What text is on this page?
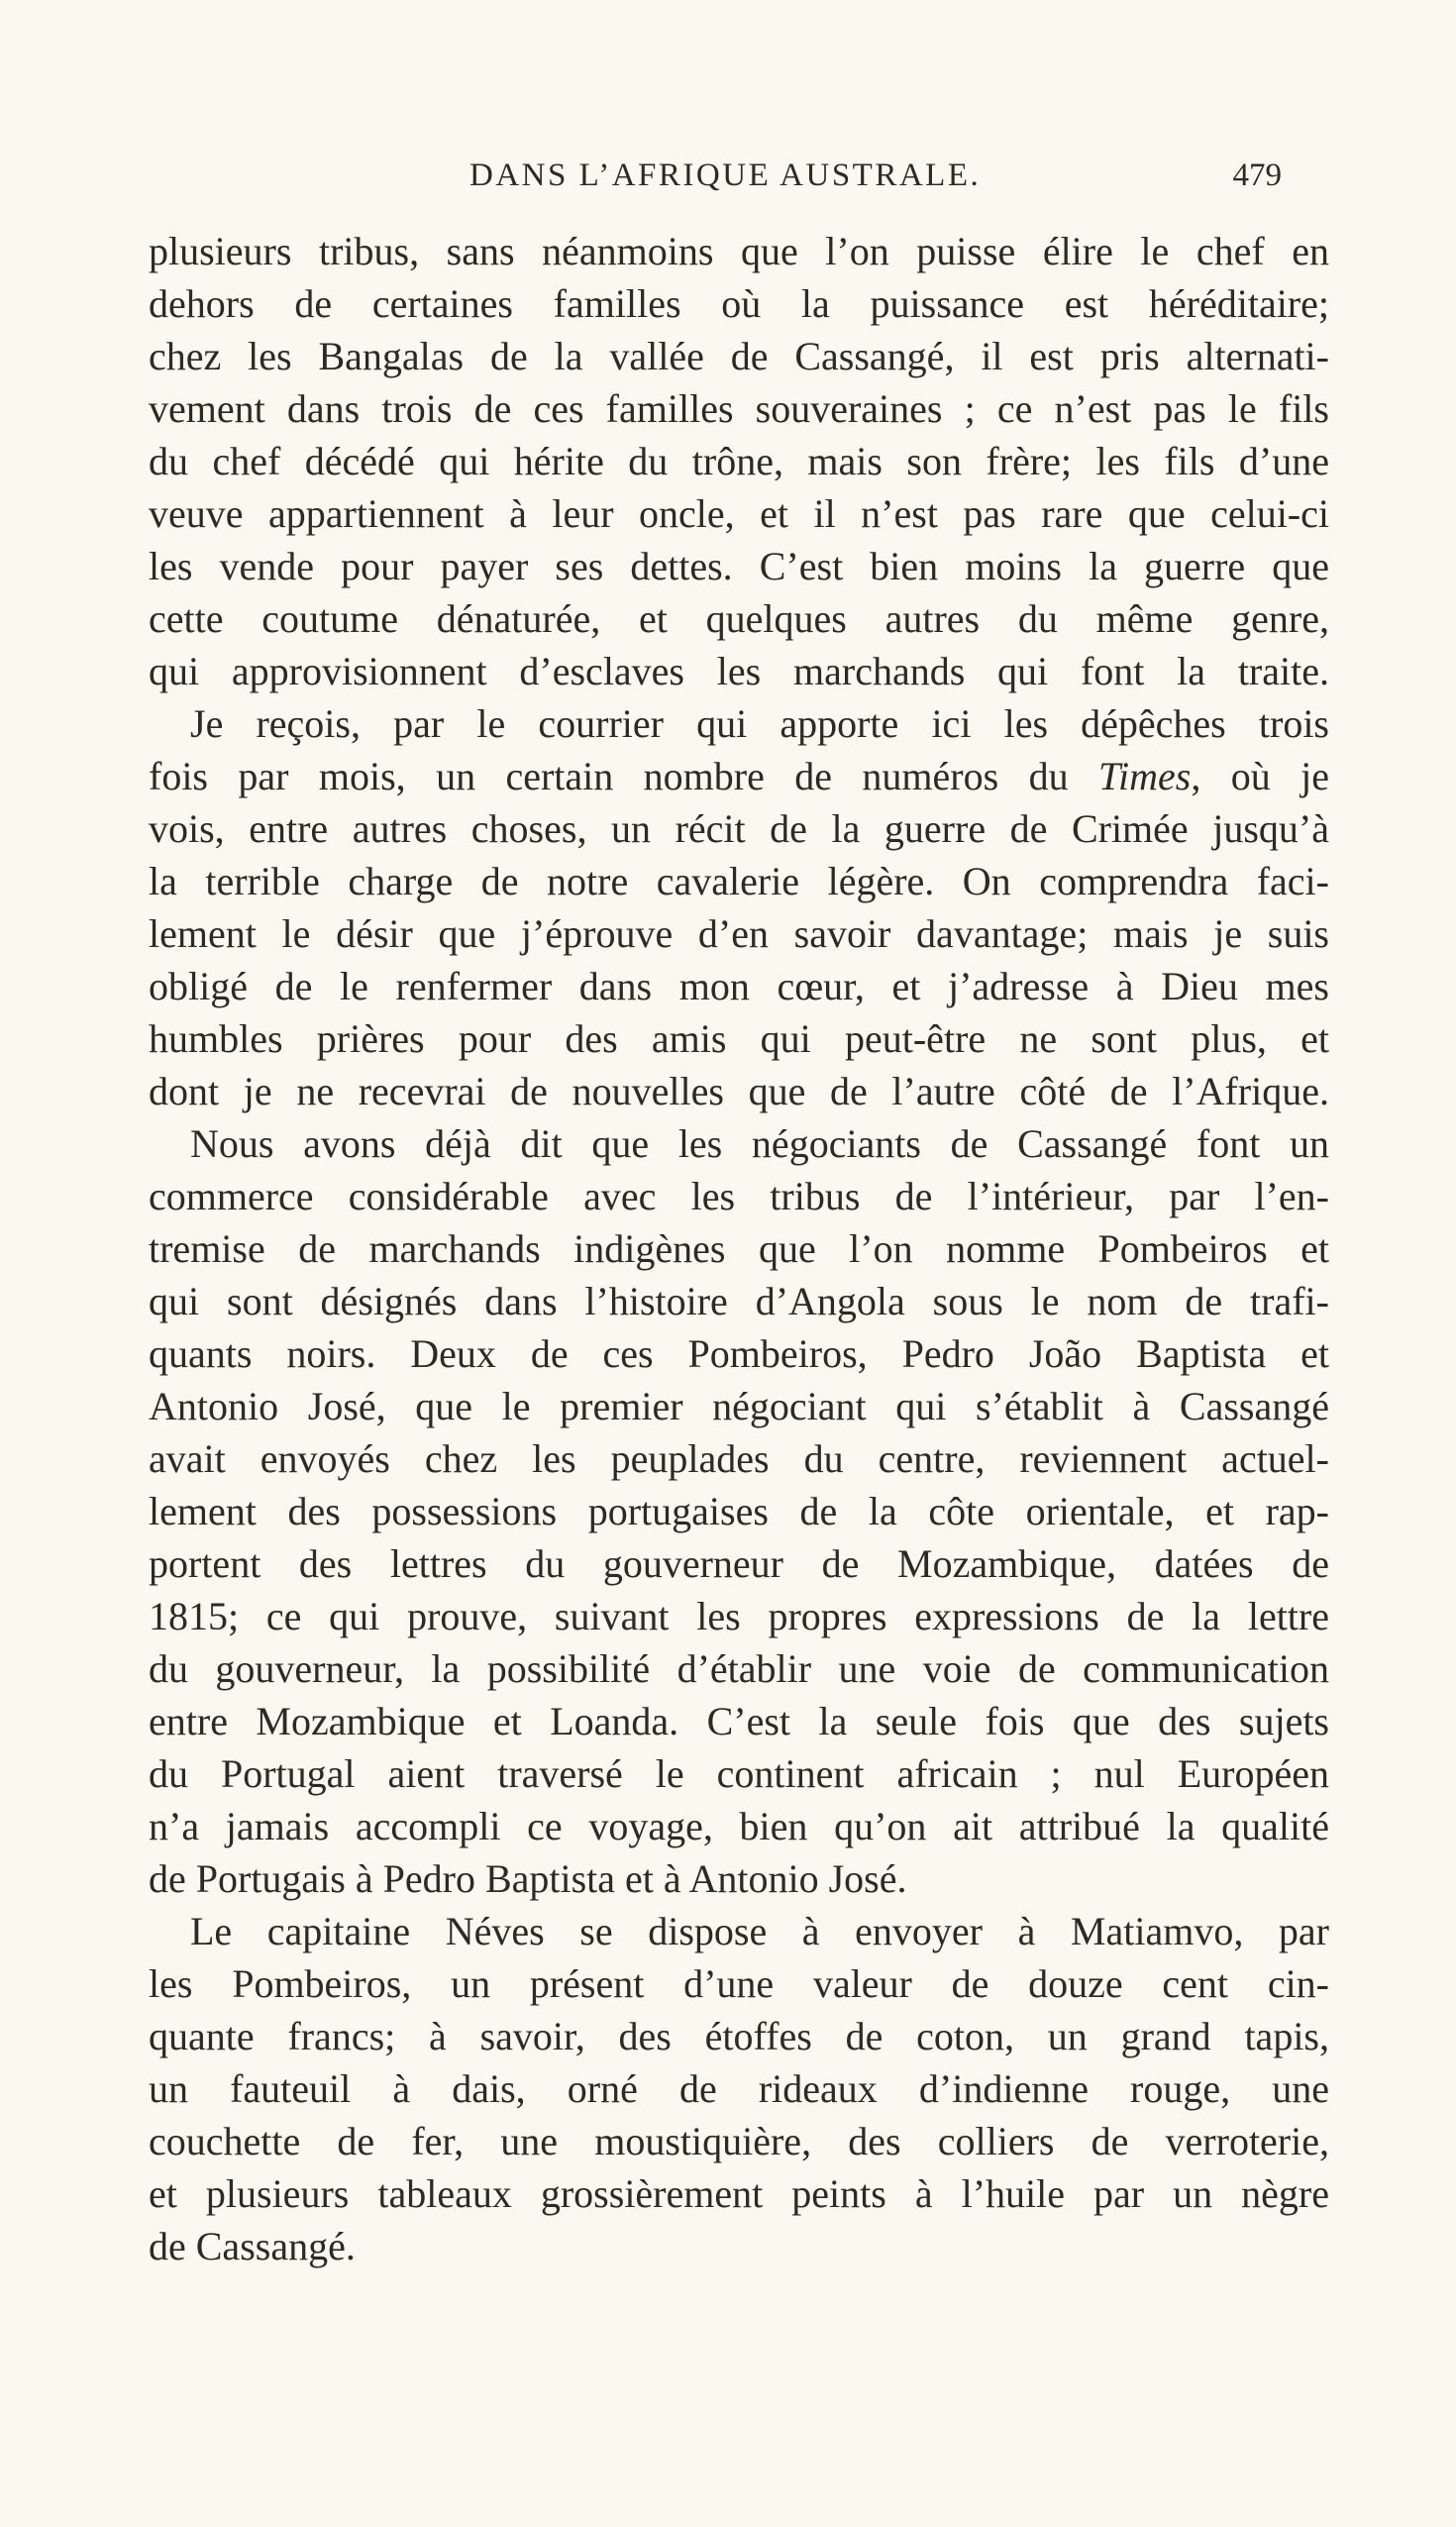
DANS L’AFRIQUE AUSTRALE.	479
plusieurs tribus, sans néanmoins que l’on puisse élire le chef en
dehors de certaines familles où la puissance est héréditaire;
chez les Bangalas de la vallée de Cassangé, il est pris alternati-
vement dans trois de ces familles souveraines ; ce n’est pas le fils
du chef décédé qui hérite du trône, mais son frère; les fils d’une
veuve appartiennent à leur oncle, et il n’est pas rare que celui-ci
les vende pour payer ses dettes. C’est bien moins la guerre que
cette coutume dénaturée, et quelques autres du même genre,
qui approvisionnent d’esclaves les marchands qui font la traite.
Je reçois, par le courrier qui apporte ici les dépêches trois
fois par mois, un certain nombre de numéros du Times, où je
vois, entre autres choses, un récit de la guerre de Crimée jusqu’à
la terrible charge de notre cavalerie légère. On comprendra faci-
lement le désir que j’éprouve d’en savoir davantage; mais je suis
obligé de le renfermer dans mon cœur, et j’adresse à Dieu mes
humbles prières pour des amis qui peut-être ne sont plus, et
dont je ne recevrai de nouvelles que de l’autre côté de l’Afrique.
Nous avons déjà dit que les négociants de Cassangé font un
commerce considérable avec les tribus de l’intérieur, par l’en-
tremise de marchands indigènes que l’on nomme Pombeiros et
qui sont désignés dans l’histoire d’Angola sous le nom de trafi-
quants noirs. Deux de ces Pombeiros, Pedro João Baptista et
Antonio José, que le premier négociant qui s’établit à Cassangé
avait envoyés chez les peuplades du centre, reviennent actuel-
lement des possessions portugaises de la côte orientale, et rap-
portent des lettres du gouverneur de Mozambique, datées de
1815; ce qui prouve, suivant les propres expressions de la lettre
du gouverneur, la possibilité d’établir une voie de communication
entre Mozambique et Loanda. C’est la seule fois que des sujets
du Portugal aient traversé le continent africain ; nul Européen
n’a jamais accompli ce voyage, bien qu’on ait attribué la qualité
de Portugais à Pedro Baptista et à Antonio José.
Le capitaine Néves se dispose à envoyer à Matiamvo, par
les Pombeiros, un présent d’une valeur de douze cent cin-
quante francs; à savoir, des étoffes de coton, un grand tapis,
un fauteuil à dais, orné de rideaux d’indienne rouge, une
couchette de fer, une moustiquière, des colliers de verroterie,
et plusieurs tableaux grossièrement peints à l’huile par un nègre
de Cassangé.
